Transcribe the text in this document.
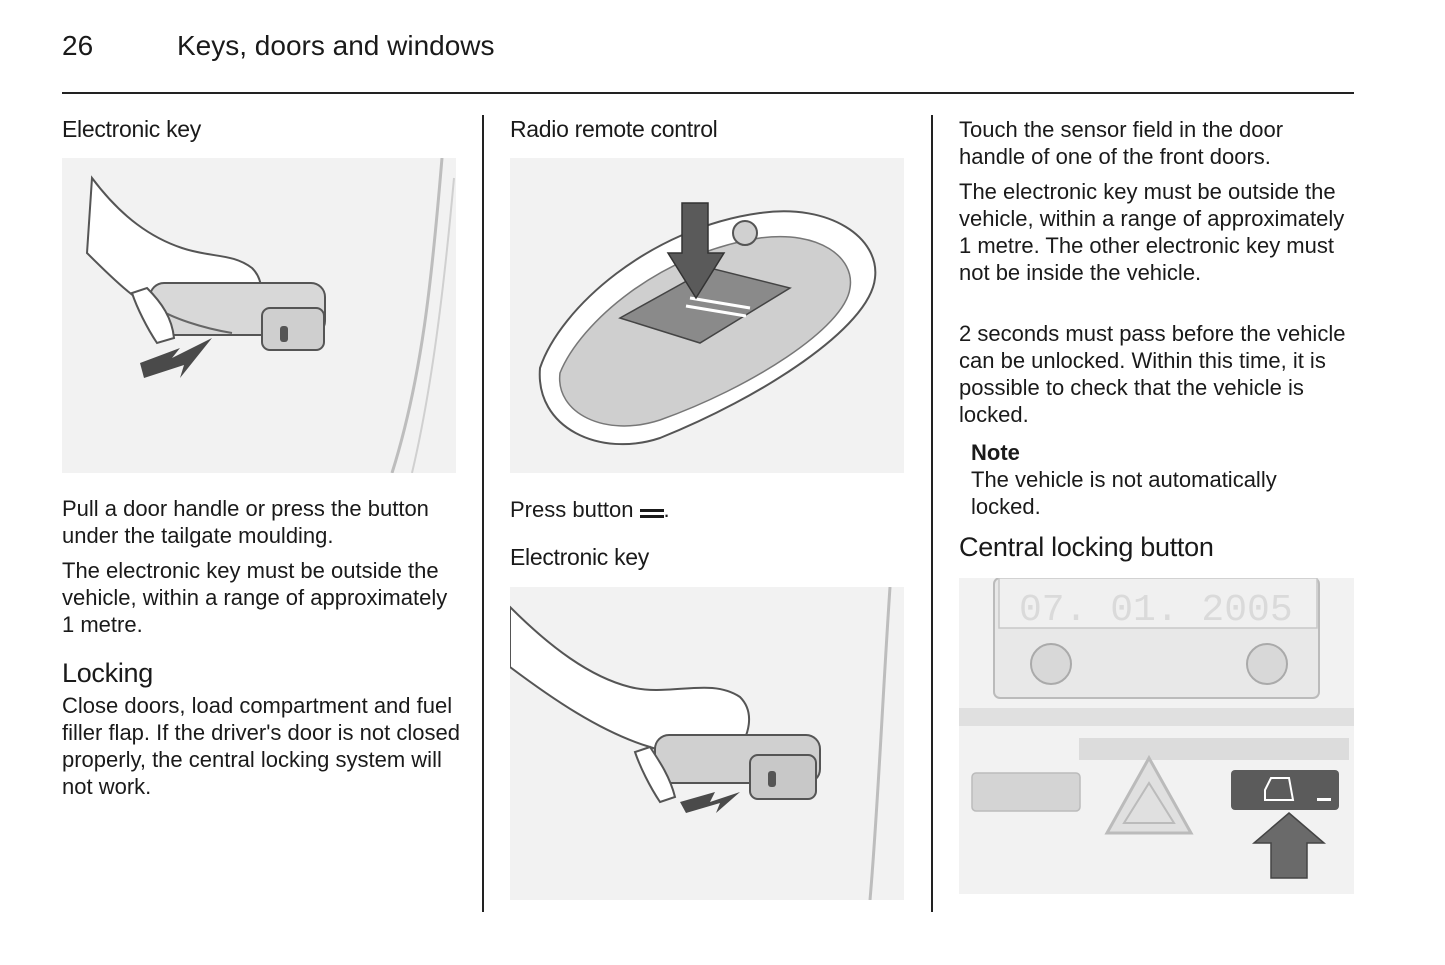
26	Keys, doors and windows
Electronic key

Pull a door handle or press the button under the tailgate moulding.

The electronic key must be outside the vehicle, within a range of approximately 1 metre.

Locking

Close doors, load compartment and fuel filler flap. If the driver's door is not closed properly, the central locking system will not work.

Radio remote control

Press button .

Electronic key

Touch the sensor field in the door handle of one of the front doors.

The electronic key must be outside the vehicle, within a range of approximately 1 metre. The other electronic key must not be inside the vehicle.

2 seconds must pass before the vehicle can be unlocked. Within this time, it is possible to check that the vehicle is locked.

Note

The vehicle is not automatically locked.

Central locking button
07. 01. 2005
